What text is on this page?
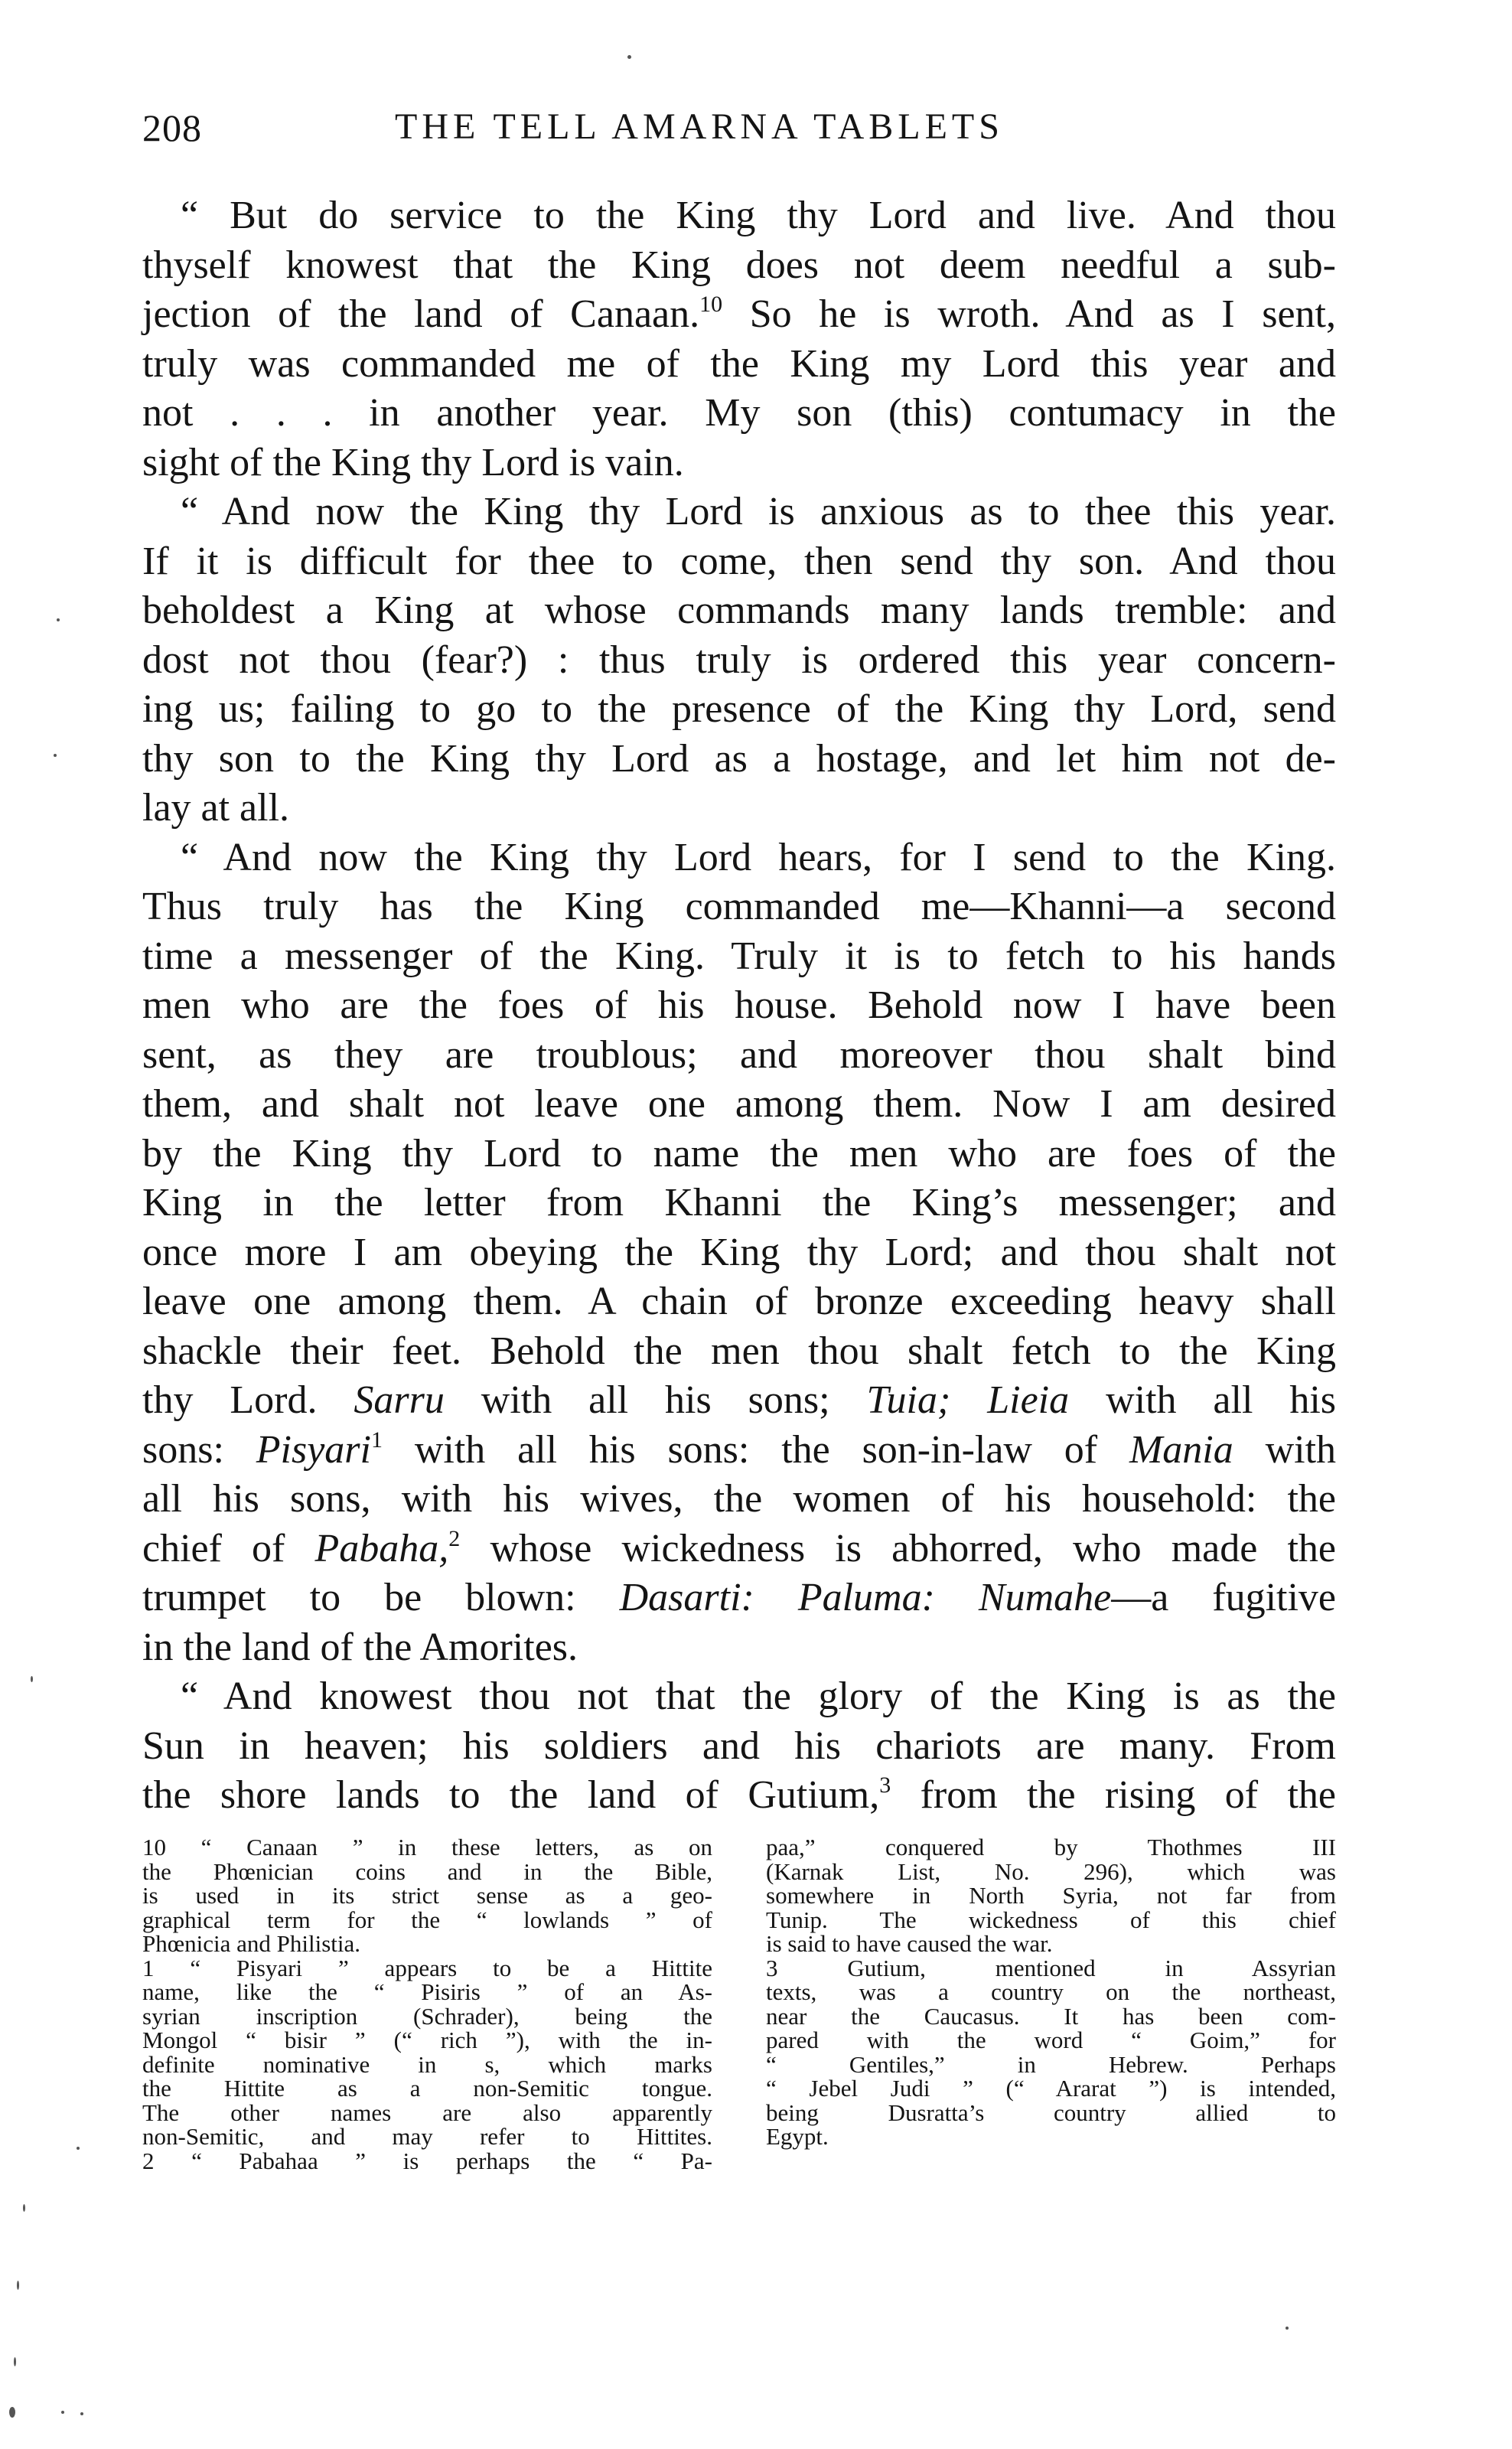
208	THE TELL AMARNA TABLETS
“ But do service to the King thy Lord and live. And thou
thyself knowest that the King does not deem needful a sub-
jection of the land of Canaan.$^{10}$ So he is wroth. And as I sent,
truly was commanded me of the King my Lord this year and
not . . . in another year. My son (this) contumacy in the
sight of the King thy Lord is vain.
“ And now the King thy Lord is anxious as to thee this year.
If it is difficult for thee to come, then send thy son. And thou
beholdest a King at whose commands many lands tremble: and
dost not thou (fear?) : thus truly is ordered this year concern-
ing us; failing to go to the presence of the King thy Lord, send
thy son to the King thy Lord as a hostage, and let him not de-
lay at all.
“ And now the King thy Lord hears, for I send to the King.
Thus truly has the King commanded me—Khanni—a second
time a messenger of the King. Truly it is to fetch to his hands
men who are the foes of his house. Behold now I have been
sent, as they are troublous; and moreover thou shalt bind
them, and shalt not leave one among them. Now I am desired
by the King thy Lord to name the men who are foes of the
King in the letter from Khanni the King’s messenger; and
once more I am obeying the King thy Lord; and thou shalt not
leave one among them. A chain of bronze exceeding heavy shall
shackle their feet. Behold the men thou shalt fetch to the King
thy Lord. Sarru with all his sons; Tuia; Lieia with all his
sons: Pisyari$^1$ with all his sons: the son-in-law of Mania with
all his sons, with his wives, the women of his household: the
chief of Pabaha,$^2$ whose wickedness is abhorred, who made the
trumpet to be blown: Dasarti: Paluma: Numahe—a fugitive
in the land of the Amorites.
“ And knowest thou not that the glory of the King is as the
Sun in heaven; his soldiers and his chariots are many. From
the shore lands to the land of Gutium,$^3$ from the rising of the
10 “ Canaan ” in these letters, as on
the Phœnician coins and in the Bible,
is used in its strict sense as a geo-
graphical term for the “ lowlands ” of
Phœnicia and Philistia.
1 “ Pisyari ” appears to be a Hittite
name, like the “ Pisiris ” of an As-
syrian inscription (Schrader), being the
Mongol “ bisir ” (“ rich ”), with the in-
definite nominative in s, which marks
the Hittite as a non-Semitic tongue.
The other names are also apparently
non-Semitic, and may refer to Hittites.
2 “ Pabahaa ” is perhaps the “ Pa-
paa,” conquered by Thothmes III
(Karnak List, No. 296), which was
somewhere in North Syria, not far from
Tunip. The wickedness of this chief
is said to have caused the war.
3 Gutium, mentioned in Assyrian
texts, was a country on the northeast,
near the Caucasus. It has been com-
pared with the word “ Goim,” for
“ Gentiles,” in Hebrew. Perhaps
“ Jebel Judi ” (“ Ararat ”) is intended,
being Dusratta’s country allied to
Egypt.
